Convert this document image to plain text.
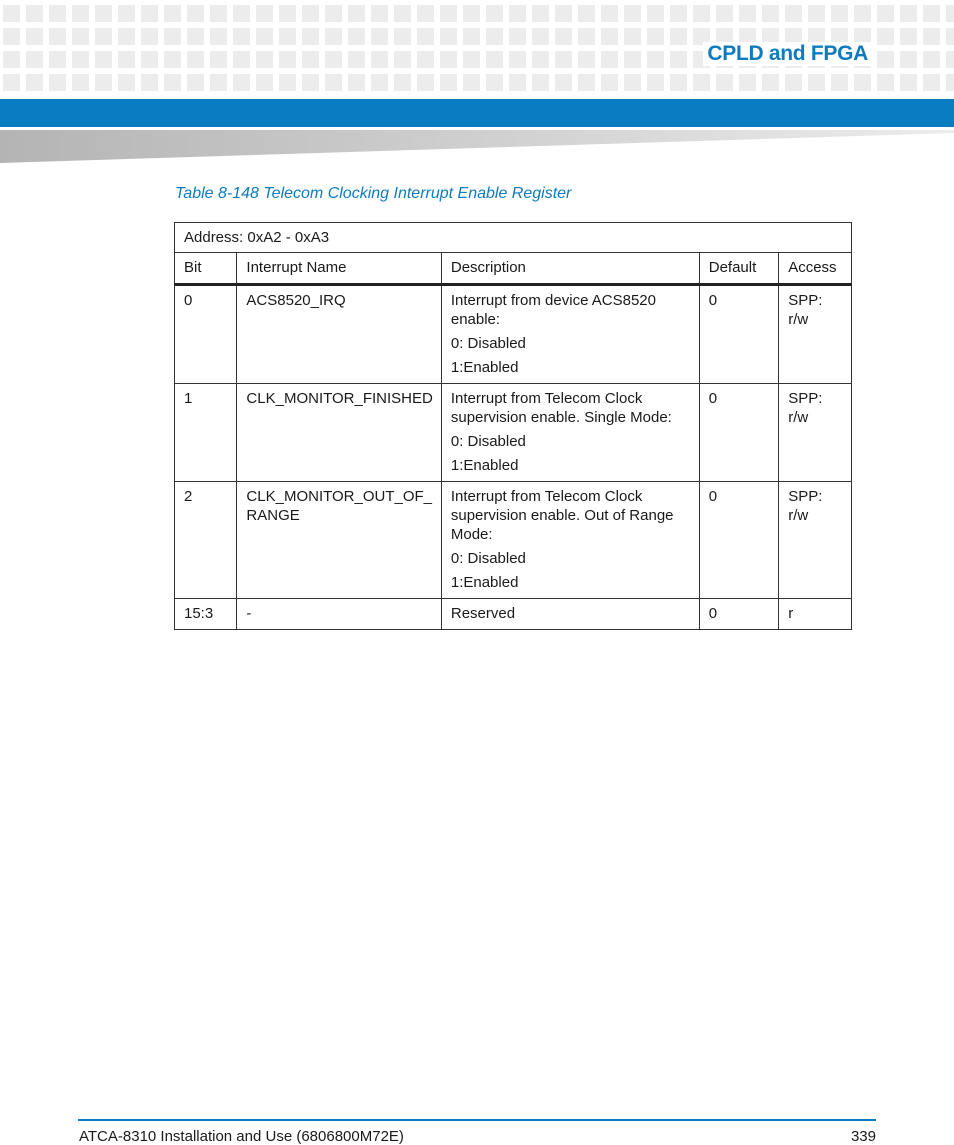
CPLD and FPGA
Table 8-148 Telecom Clocking Interrupt Enable Register
Address: 0xA2 - 0xA3				
Bit	Interrupt Name	Description	Default	Access
0	ACS8520_IRQ	Interrupt from device ACS8520 enable:
0: Disabled
1:Enabled	0	SPP: r/w
1	CLK_MONITOR_FINISHED	Interrupt from Telecom Clock supervision enable. Single Mode:
0: Disabled
1:Enabled	0	SPP: r/w
2	CLK_MONITOR_OUT_OF_ RANGE	Interrupt from Telecom Clock supervision enable. Out of Range Mode:
0: Disabled
1:Enabled	0	SPP: r/w
15:3	-	Reserved	0	r
ATCA-8310 Installation and Use (6806800M72E)	339
